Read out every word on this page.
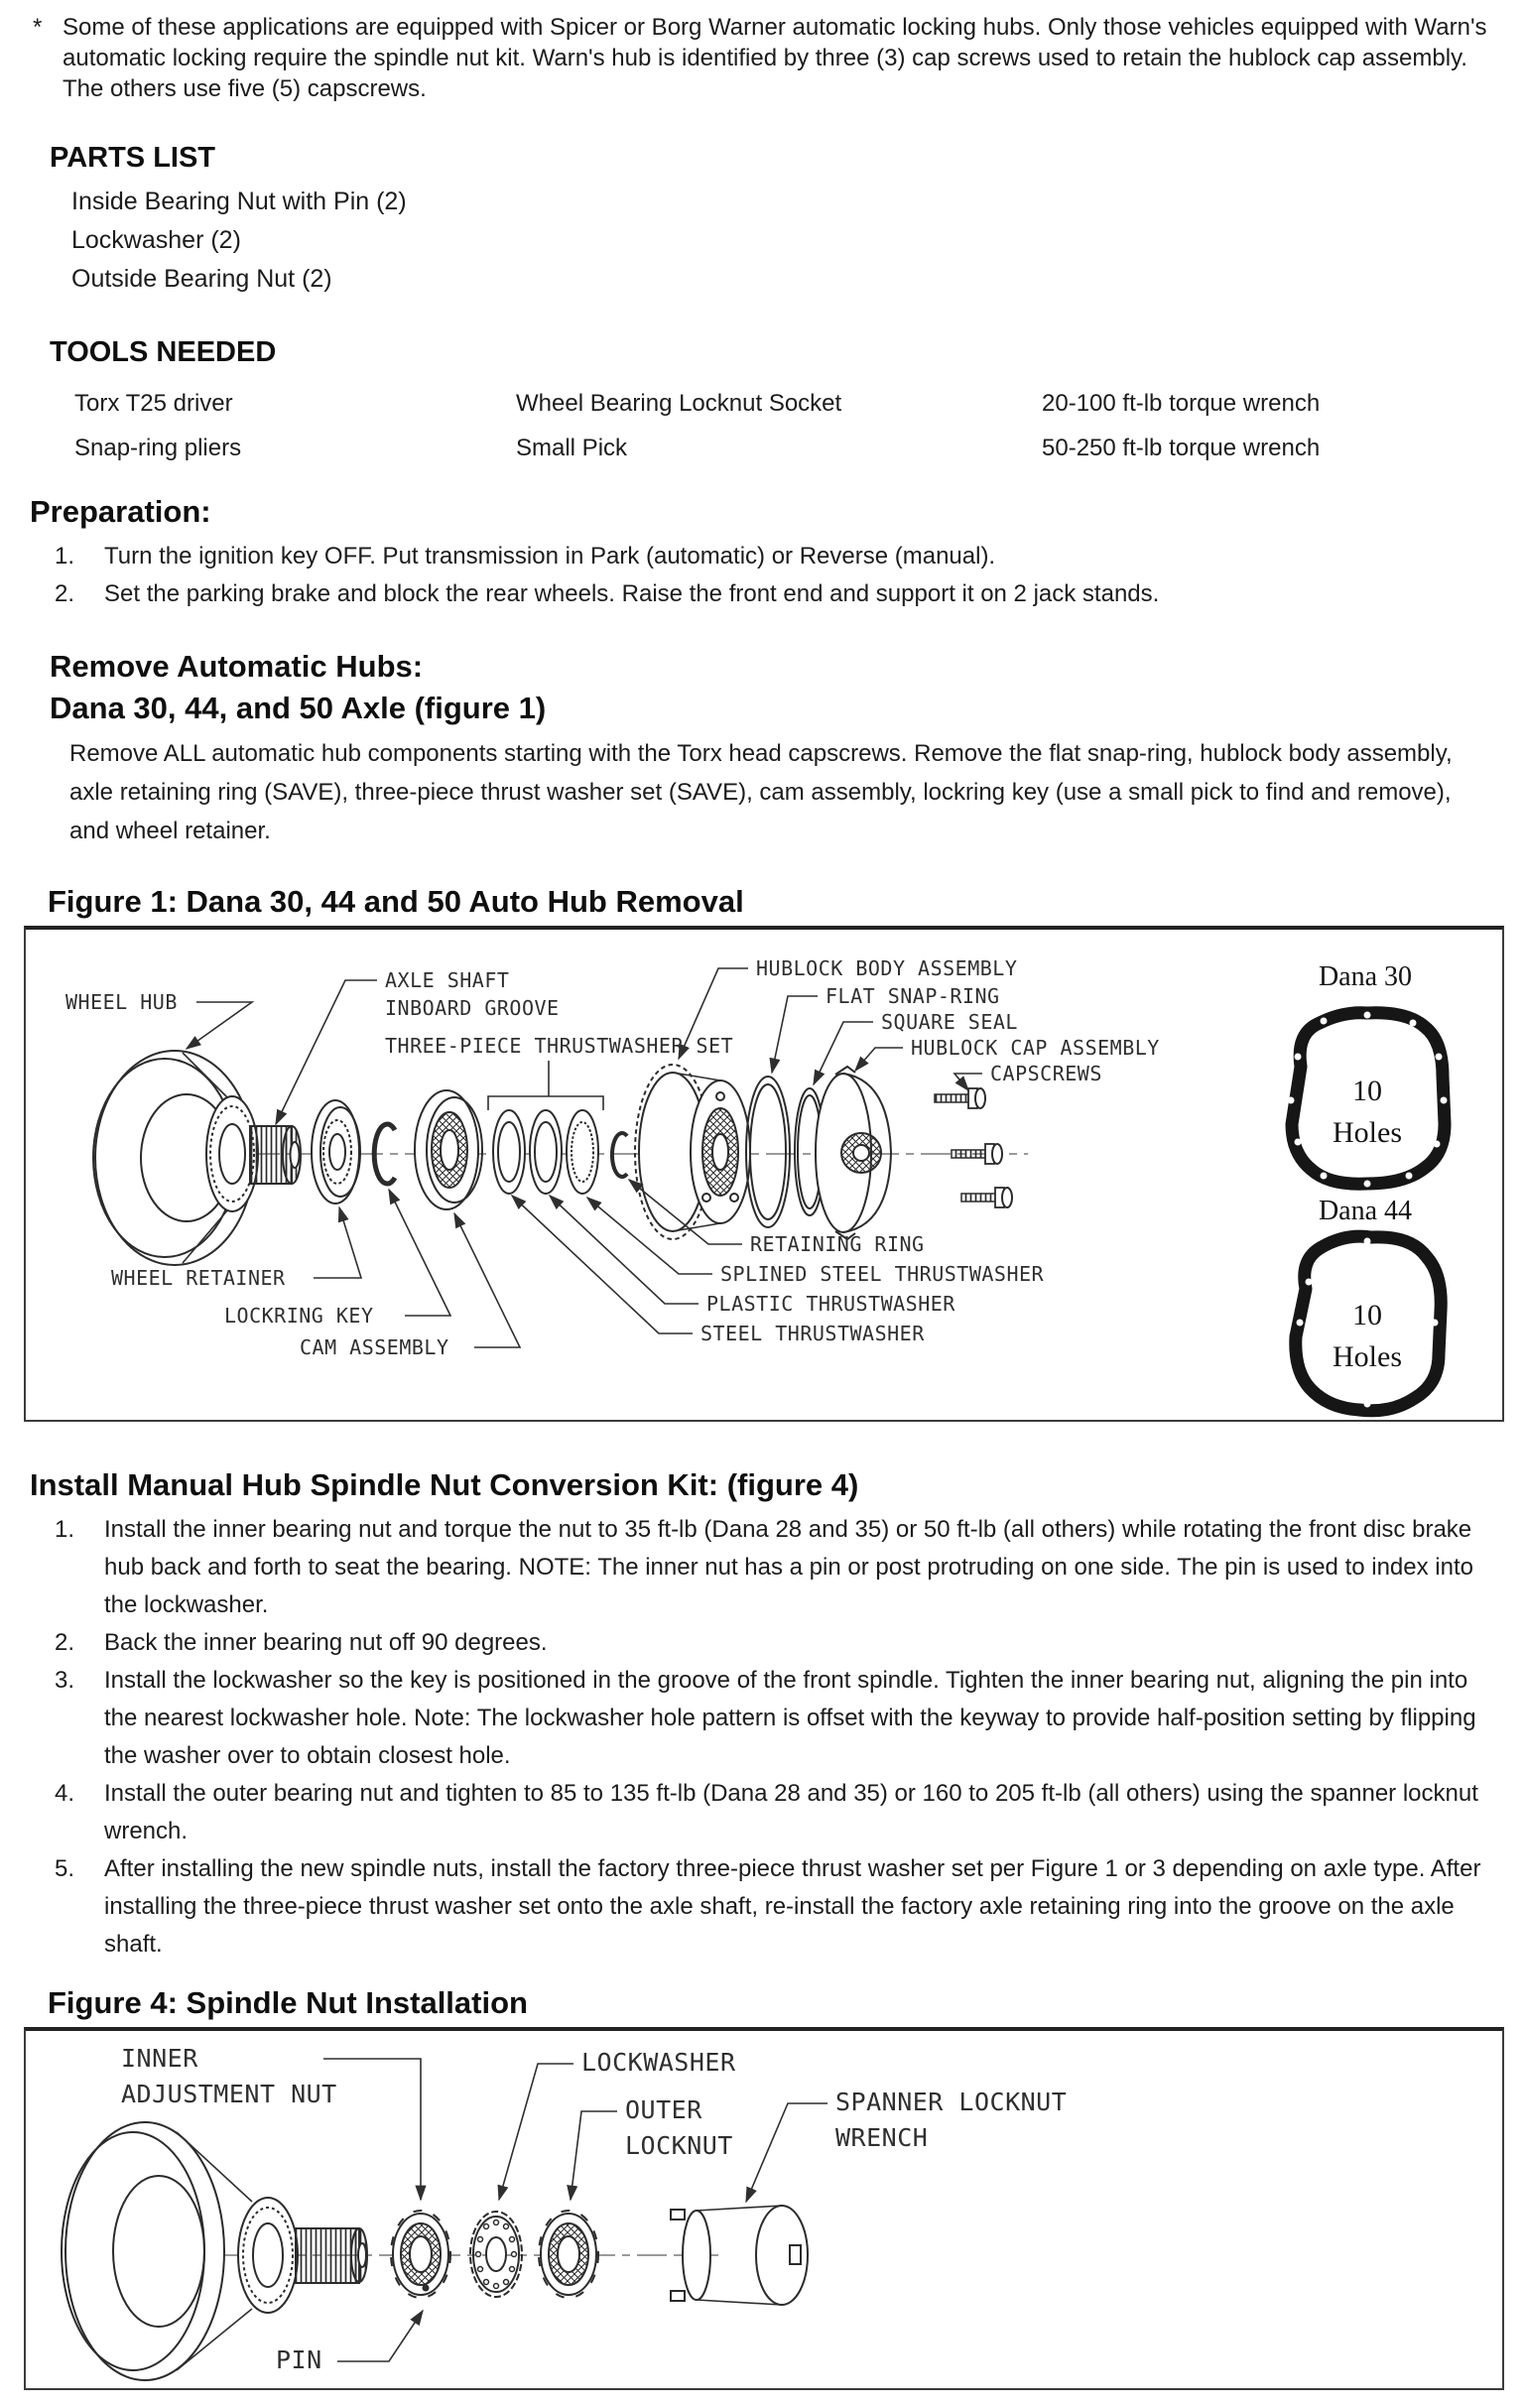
* Some of these applications are equipped with Spicer or Borg Warner automatic locking hubs. Only those vehicles equipped with Warn's automatic locking require the spindle nut kit. Warn's hub is identified by three (3) cap screws used to retain the hublock cap assembly. The others use five (5) capscrews.

PARTS LIST
Inside Bearing Nut with Pin (2)
Lockwasher (2)
Outside Bearing Nut (2)
TOOLS NEEDED
Torx T25 driver	Wheel Bearing Locknut Socket	20-100 ft-lb torque wrench
Snap-ring pliers	Small Pick	50-250 ft-lb torque wrench
Preparation:
1.	Turn the ignition key OFF. Put transmission in Park (automatic) or Reverse (manual).
2.	Set the parking brake and block the rear wheels. Raise the front end and support it on 2 jack stands.
Remove Automatic Hubs:
Dana 30, 44, and 50 Axle (figure 1)

Remove ALL automatic hub components starting with the Torx head capscrews. Remove the flat snap-ring, hublock body assembly, axle retaining ring (SAVE), three-piece thrust washer set (SAVE), cam assembly, lockring key (use a small pick to find and remove), and wheel retainer.

Figure 1: Dana 30, 44 and 50 Auto Hub Removal
WHEEL HUB
AXLE SHAFT
INBOARD GROOVE
THREE-PIECE THRUSTWASHER SET
HUBLOCK BODY ASSEMBLY
FLAT SNAP-RING
SQUARE SEAL
HUBLOCK CAP ASSEMBLY
CAPSCREWS
WHEEL RETAINER
LOCKRING KEY
CAM ASSEMBLY
RETAINING RING
SPLINED STEEL THRUSTWASHER
PLASTIC THRUSTWASHER
STEEL THRUSTWASHER
Dana 30
10
Holes
Dana 44
10
Holes
Install Manual Hub Spindle Nut Conversion Kit: (figure 4)
1.	Install the inner bearing nut and torque the nut to 35 ft-lb (Dana 28 and 35) or 50 ft-lb (all others) while rotating the front disc brake hub back and forth to seat the bearing. NOTE: The inner nut has a pin or post protruding on one side. The pin is used to index into the lockwasher.
2.	Back the inner bearing nut off 90 degrees.
3.	Install the lockwasher so the key is positioned in the groove of the front spindle. Tighten the inner bearing nut, aligning the pin into the nearest lockwasher hole. Note: The lockwasher hole pattern is offset with the keyway to provide half-position setting by flipping the washer over to obtain closest hole.
4.	Install the outer bearing nut and tighten to 85 to 135 ft-lb (Dana 28 and 35) or 160 to 205 ft-lb (all others) using the spanner locknut wrench.
5.	After installing the new spindle nuts, install the factory three-piece thrust washer set per Figure 1 or 3 depending on axle type. After installing the three-piece thrust washer set onto the axle shaft, re-install the factory axle retaining ring into the groove on the axle shaft.
Figure 4: Spindle Nut Installation
INNER
ADJUSTMENT NUT
LOCKWASHER
OUTER
LOCKNUT
SPANNER LOCKNUT
WRENCH
PIN
